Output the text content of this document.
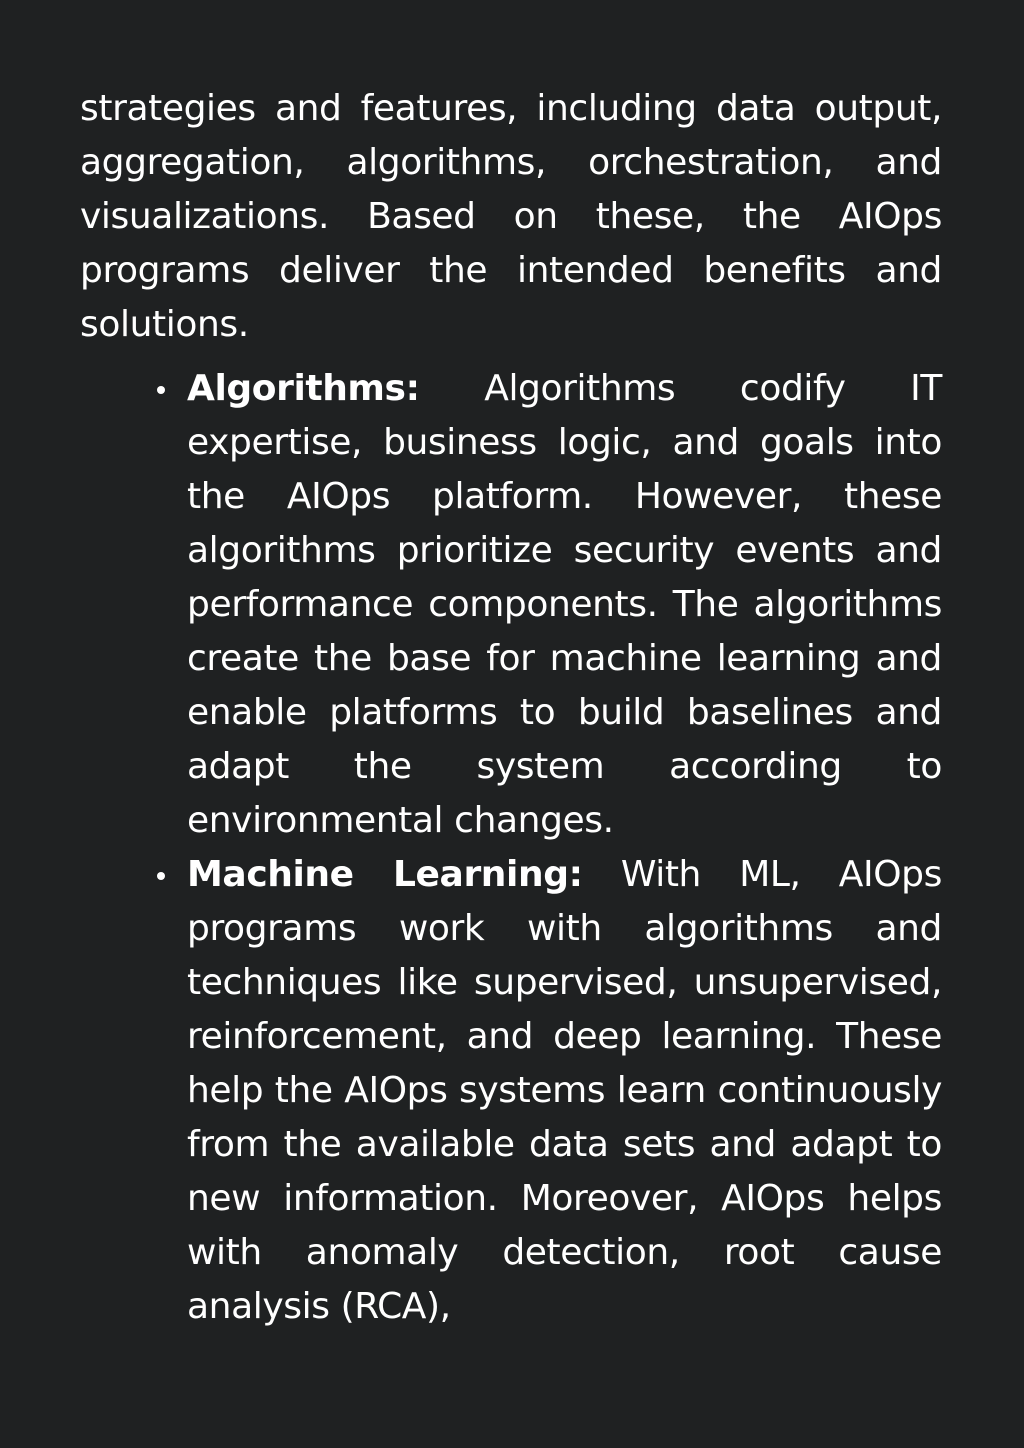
strategies and features, including data output, aggregation, algorithms, orchestration, and visualizations. Based on these, the AIOps programs deliver the intended benefits and solutions.

Algorithms: Algorithms codify IT expertise, business logic, and goals into the AIOps platform. However, these algorithms prioritize security events and performance components. The algorithms create the base for machine learning and enable platforms to build baselines and adapt the system according to environmental changes.
Machine Learning: With ML, AIOps programs work with algorithms and techniques like supervised, unsupervised, reinforcement, and deep learning. These help the AIOps systems learn continuously from the available data sets and adapt to new information. Moreover, AIOps helps with anomaly detection, root cause analysis (RCA),
